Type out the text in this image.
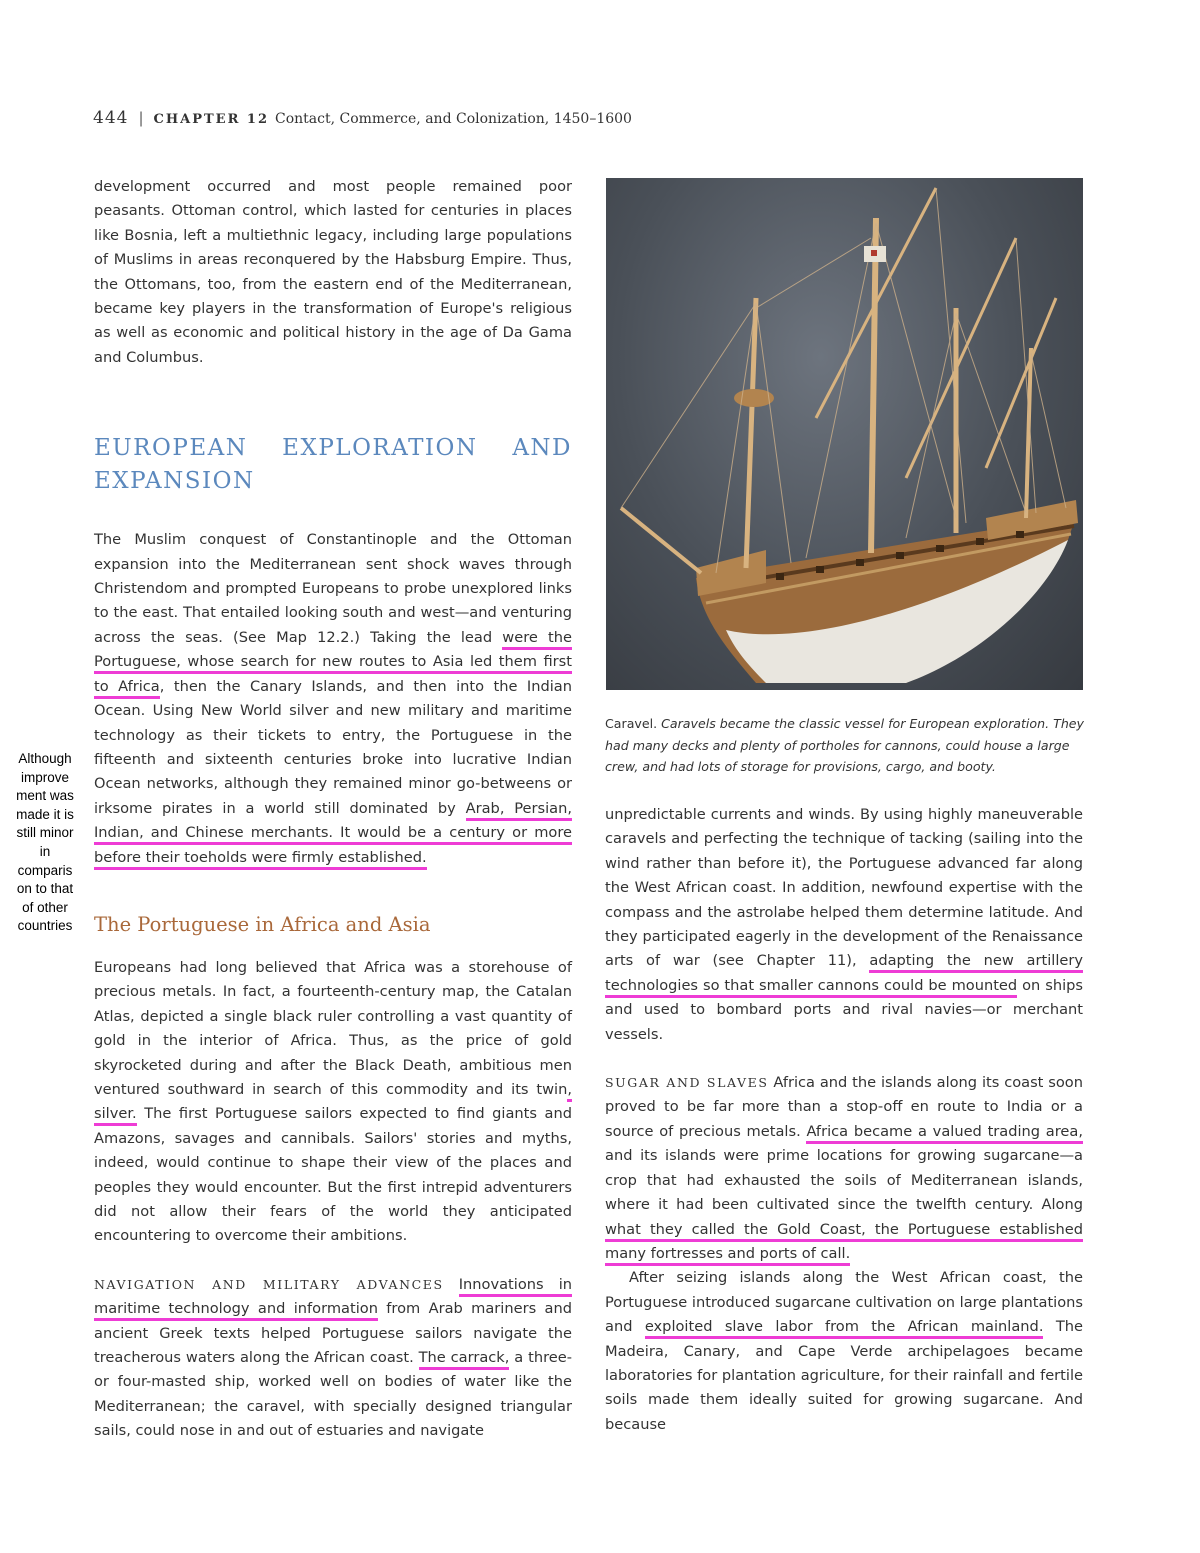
444 | CHAPTER 12 Contact, Commerce, and Colonization, 1450–1600

development occurred and most people remained poor peasants. Ottoman control, which lasted for centuries in places like Bosnia, left a multiethnic legacy, including large populations of Muslims in areas reconquered by the Habsburg Empire. Thus, the Ottomans, too, from the eastern end of the Mediterranean, became key players in the transformation of Europe's religious as well as economic and political history in the age of Da Gama and Columbus.

EUROPEAN EXPLORATION AND EXPANSION

The Muslim conquest of Constantinople and the Ottoman expansion into the Mediterranean sent shock waves through Christendom and prompted Europeans to probe unexplored links to the east. That entailed looking south and west—and venturing across the seas. (See Map 12.2.) Taking the lead were the Portuguese, whose search for new routes to Asia led them first to Africa, then the Canary Islands, and then into the Indian Ocean. Using New World silver and new military and maritime technology as their tickets to entry, the Portuguese in the fifteenth and sixteenth centuries broke into lucrative Indian Ocean networks, although they remained minor go-betweens or irksome pirates in a world still dominated by Arab, Persian, Indian, and Chinese merchants. It would be a century or more before their toeholds were firmly established.

The Portuguese in Africa and Asia

Europeans had long believed that Africa was a storehouse of precious metals. In fact, a fourteenth-century map, the Catalan Atlas, depicted a single black ruler controlling a vast quantity of gold in the interior of Africa. Thus, as the price of gold skyrocketed during and after the Black Death, ambitious men ventured southward in search of this commodity and its twin, silver. The first Portuguese sailors expected to find giants and Amazons, savages and cannibals. Sailors' stories and myths, indeed, would continue to shape their view of the places and peoples they would encounter. But the first intrepid adventurers did not allow their fears of the world they anticipated encountering to overcome their ambitions.

NAVIGATION AND MILITARY ADVANCES Innovations in maritime technology and information from Arab mariners and ancient Greek texts helped Portuguese sailors navigate the treacherous waters along the African coast. The carrack, a three- or four-masted ship, worked well on bodies of water like the Mediterranean; the caravel, with specially designed triangular sails, could nose in and out of estuaries and navigate

Caravel. Caravels became the classic vessel for European exploration. They had many decks and plenty of portholes for cannons, could house a large crew, and had lots of storage for provisions, cargo, and booty.

unpredictable currents and winds. By using highly maneuverable caravels and perfecting the technique of tacking (sailing into the wind rather than before it), the Portuguese advanced far along the West African coast. In addition, newfound expertise with the compass and the astrolabe helped them determine latitude. And they participated eagerly in the development of the Renaissance arts of war (see Chapter 11), adapting the new artillery technologies so that smaller cannons could be mounted on ships and used to bombard ports and rival navies—or merchant vessels.

SUGAR AND SLAVES Africa and the islands along its coast soon proved to be far more than a stop-off en route to India or a source of precious metals. Africa became a valued trading area, and its islands were prime locations for growing sugarcane—a crop that had exhausted the soils of Mediterranean islands, where it had been cultivated since the twelfth century. Along what they called the Gold Coast, the Portuguese established many fortresses and ports of call.

After seizing islands along the West African coast, the Portuguese introduced sugarcane cultivation on large plantations and exploited slave labor from the African mainland. The Madeira, Canary, and Cape Verde archipelagoes became laboratories for plantation agriculture, for their rainfall and fertile soils made them ideally suited for growing sugarcane. And because

Although improve ment was made it is still minor in comparis on to that of other countries
